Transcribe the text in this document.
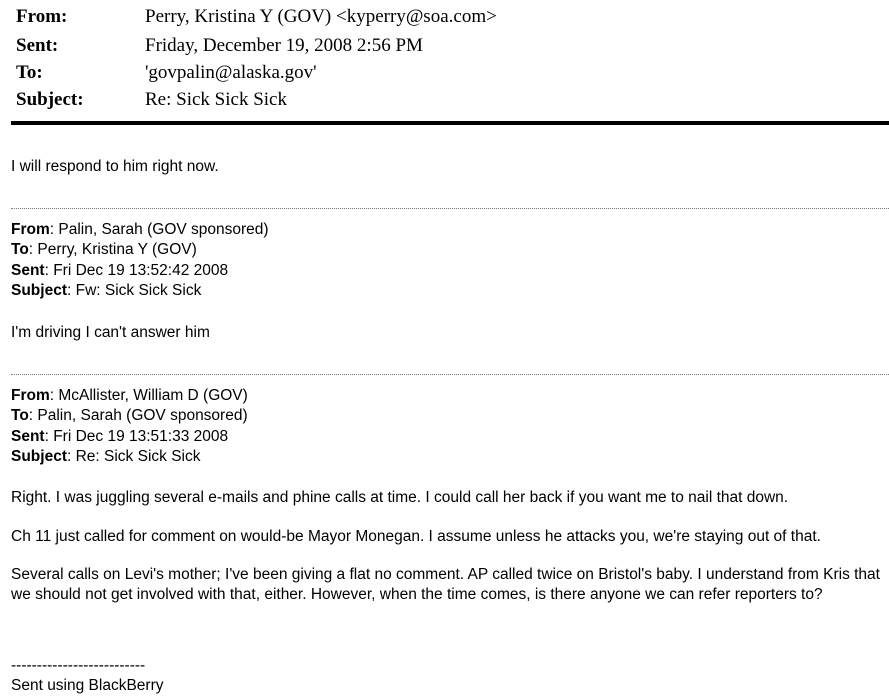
From:	Perry, Kristina Y (GOV) <kyperry@soa.com>
Sent:	Friday, December 19, 2008 2:56 PM
To:	'govpalin@alaska.gov'
Subject:	Re: Sick Sick Sick
I will respond to him right now.
From: Palin, Sarah (GOV sponsored)
To: Perry, Kristina Y (GOV)
Sent: Fri Dec 19 13:52:42 2008
Subject: Fw: Sick Sick Sick
I'm driving I can't answer him
From: McAllister, William D (GOV)
To: Palin, Sarah (GOV sponsored)
Sent: Fri Dec 19 13:51:33 2008
Subject: Re: Sick Sick Sick
Right. I was juggling several e-mails and phine calls at time. I could call her back if you want me to nail that down.
Ch 11 just called for comment on would-be Mayor Monegan. I assume unless he attacks you, we're staying out of that.
Several calls on Levi's mother; I've been giving a flat no comment. AP called twice on Bristol's baby. I understand from Kris that we should not get involved with that, either. However, when the time comes, is there anyone we can refer reporters to?
--------------------------
Sent using BlackBerry
